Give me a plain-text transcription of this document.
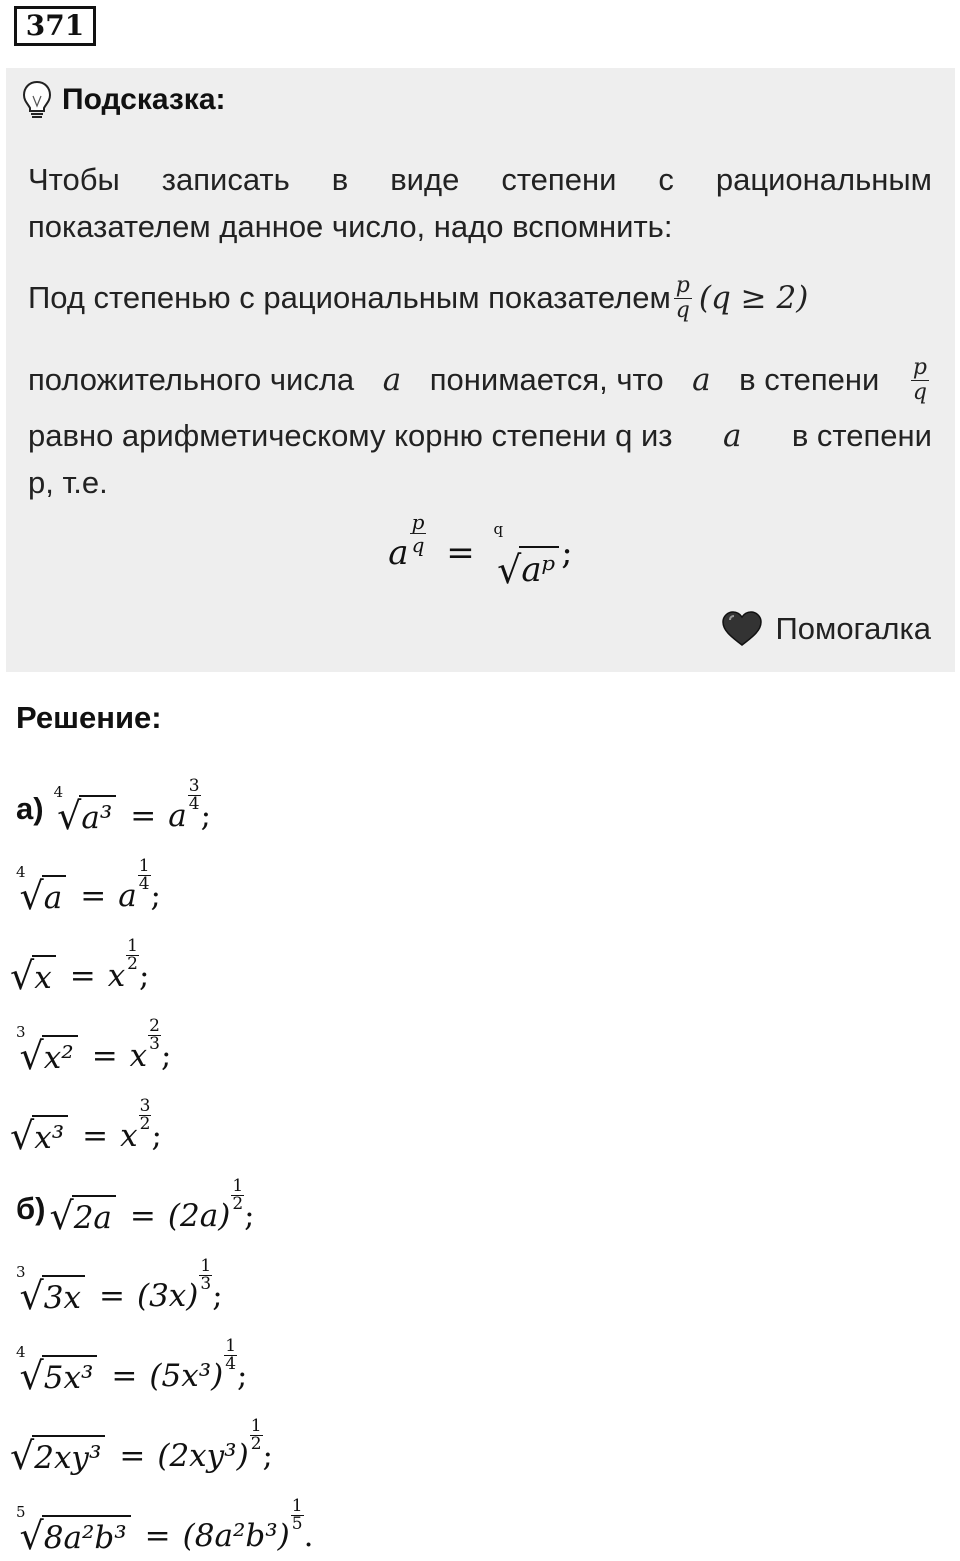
371
Подсказка:
Чтобы записать в виде степени с рациональным
показателем данное число, надо вспомнить:
Под степенью с рациональным показателем $\frac{p}{q} (q \ge 2)$
положительного числа a понимается, что a в степени $\frac{p}{q}$
равно арифметическому корню степени q из a в степени
p, т.е.
a $\frac{p}{q}$ =
q
√ aᵖ ;
Помогалка
Решение:
а) 4
√ a³ = a
$\frac{3}{4}$
;
4
√ a = a
$\frac{1}{4}$
;
√ x = x
$\frac{1}{2}$
;
3
√ x² = x
$\frac{2}{3}$
;
√ x³ = x
$\frac{3}{2}$
;
б) √ 2a = (2a)
$\frac{1}{2}$
;
3
√ 3x = (3x)
$\frac{1}{3}$
;
4
√ 5x³ = (5x³)
$\frac{1}{4}$
;
√ 2xy³ = (2xy³)
$\frac{1}{2}$
;
5
√ 8a²b³ = (8a²b³)
$\frac{1}{5}$
.
